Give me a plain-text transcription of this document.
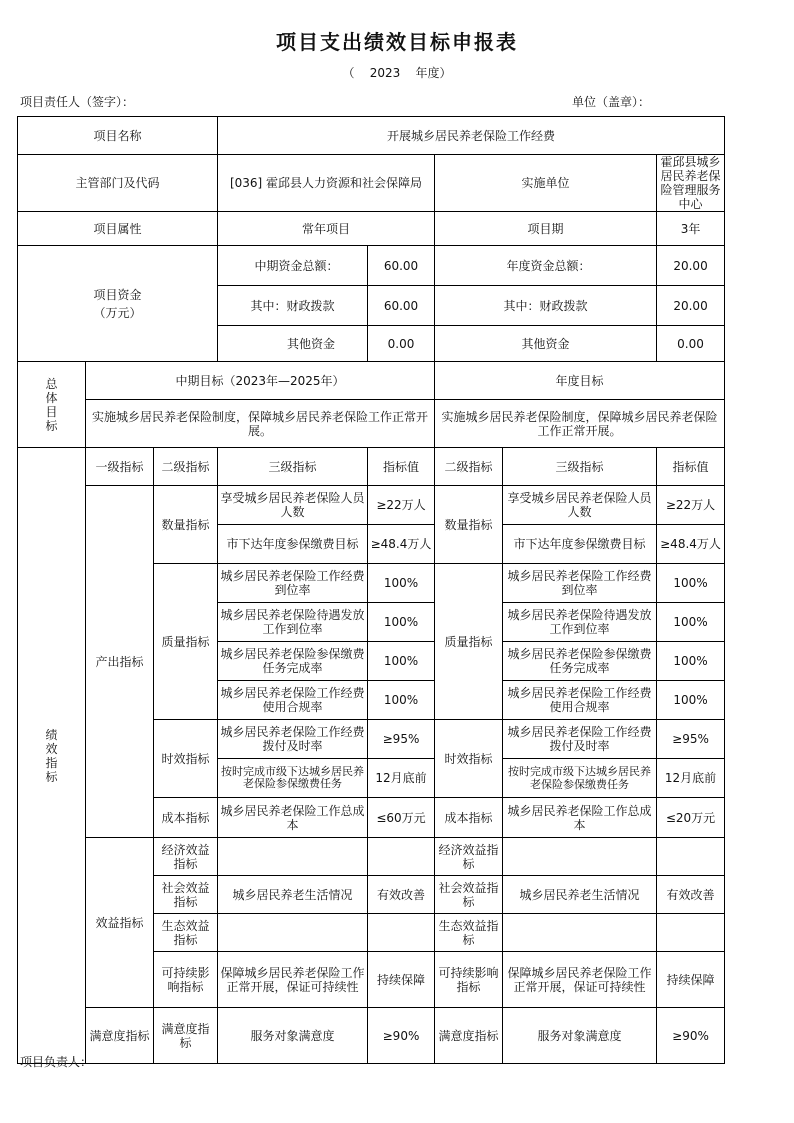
项目支出绩效目标申报表
（    2023    年度）
项目责任人（签字）：	单位（盖章）：
项目名称			开展城乡居民养老保险工作经费				
主管部门及代码			[036] 霍邱县人力资源和社会保障局		实施单位		霍邱县城乡居民养老保险管理服务中心
项目属性			常年项目		项目期		3年
项目资金
（万元）			中期资金总额：	60.00	年度资金总额：		20.00
			其中：财政拨款	60.00	其中：财政拨款		20.00
			其他资金	0.00	其他资金		0.00
总
体
目
标	中期目标（2023年—2025年）				年度目标		
	实施城乡居民养老保险制度，保障城乡居民养老保险工作正常开展。				实施城乡居民养老保险制度，保障城乡居民养老保险工作正常开展。		
绩
效
指
标	一级指标	二级指标	三级指标	指标值	二级指标	三级指标	指标值
	产出指标	数量指标	享受城乡居民养老保险人员人数	≥22万人	数量指标	享受城乡居民养老保险人员人数	≥22万人
			市下达年度参保缴费目标	≥48.4万人		市下达年度参保缴费目标	≥48.4万人
		质量指标	城乡居民养老保险工作经费到位率	100%	质量指标	城乡居民养老保险工作经费到位率	100%
			城乡居民养老保险待遇发放工作到位率	100%		城乡居民养老保险待遇发放工作到位率	100%
			城乡居民养老保险参保缴费任务完成率	100%		城乡居民养老保险参保缴费任务完成率	100%
			城乡居民养老保险工作经费使用合规率	100%		城乡居民养老保险工作经费使用合规率	100%
		时效指标	城乡居民养老保险工作经费拨付及时率	≥95%	时效指标	城乡居民养老保险工作经费拨付及时率	≥95%
			按时完成市级下达城乡居民养老保险参保缴费任务	12月底前		按时完成市级下达城乡居民养老保险参保缴费任务	12月底前
		成本指标	城乡居民养老保险工作总成本	≤60万元	成本指标	城乡居民养老保险工作总成本	≤20万元
	效益指标	经济效益指标			经济效益指标		
		社会效益指标	城乡居民养老生活情况	有效改善	社会效益指标	城乡居民养老生活情况	有效改善
		生态效益指标			生态效益指标		
		可持续影响指标	保障城乡居民养老保险工作正常开展，保证可持续性	持续保障	可持续影响指标	保障城乡居民养老保险工作正常开展，保证可持续性	持续保障
	满意度指标	满意度指标	服务对象满意度	≥90%	满意度指标	服务对象满意度	≥90%
项目负责人：
